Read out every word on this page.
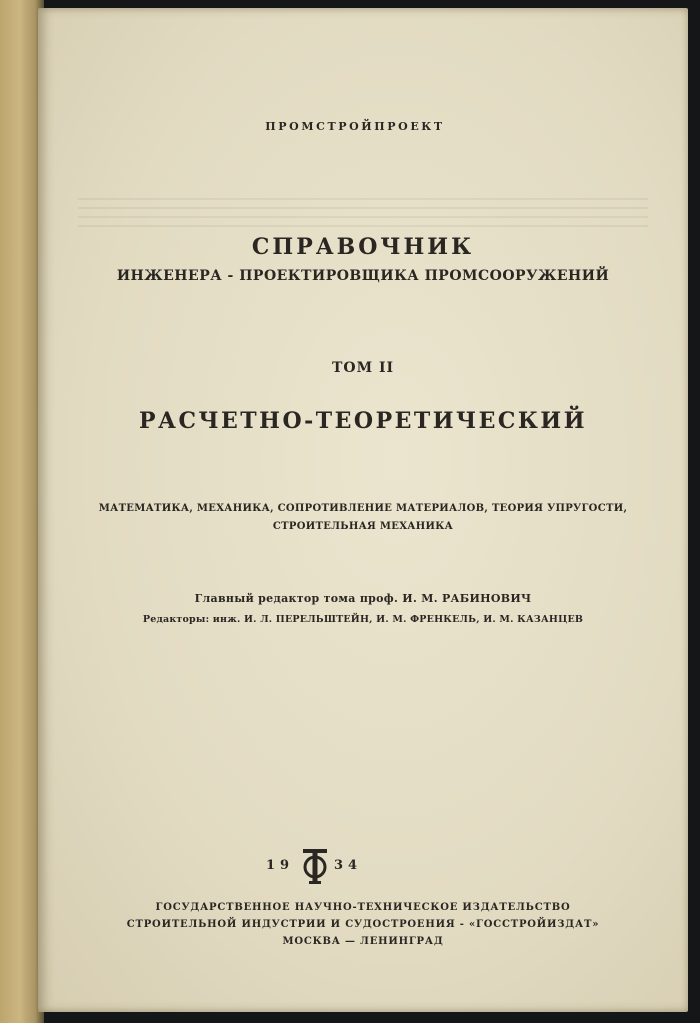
ПРОМСТРОЙПРОЕКТ
СПРАВОЧНИК
ИНЖЕНЕРА - ПРОЕКТИРОВЩИКА ПРОМСООРУЖЕНИЙ
ТОМ II
РАСЧЕТНО-ТЕОРЕТИЧЕСКИЙ
МАТЕМАТИКА, МЕХАНИКА, СОПРОТИВЛЕНИЕ МАТЕРИАЛОВ, ТЕОРИЯ УПРУГОСТИ,
СТРОИТЕЛЬНАЯ МЕХАНИКА
Главный редактор тома проф. И. М. РАБИНОВИЧ
Редакторы: инж. И. Л. ПЕРЕЛЬШТЕЙН, И. М. ФРЕНКЕЛЬ, И. М. КАЗАНЦЕВ
19	34
ГОСУДАРСТВЕННОЕ НАУЧНО-ТЕХНИЧЕСКОЕ ИЗДАТЕЛЬСТВО
СТРОИТЕЛЬНОЙ ИНДУСТРИИ И СУДОСТРОЕНИЯ - «ГОССТРОЙИЗДАТ»
МОСКВА — ЛЕНИНГРАД
